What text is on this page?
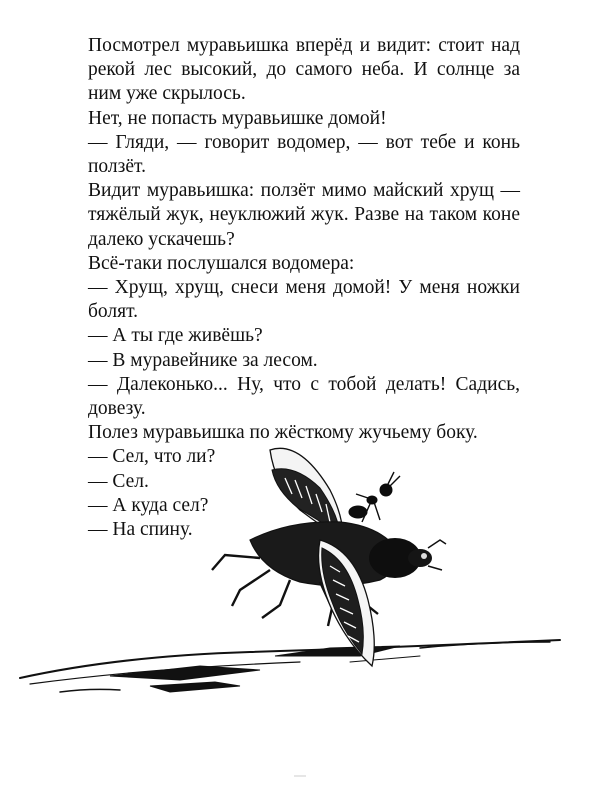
Посмотрел муравьишка вперёд и видит: стоит над рекой лес высокий, до самого неба. И солнце за ним уже скрылось.

Нет, не попасть муравьишке домой!

— Гляди, — говорит водомер, — вот тебе и конь ползёт.

Видит муравьишка: ползёт мимо майский хрущ — тяжёлый жук, неуклюжий жук. Разве на таком коне далеко ускачешь?

Всё-таки послушался водомера:

— Хрущ, хрущ, снеси меня домой! У меня ножки болят.

— А ты где живёшь?

— В муравейнике за лесом.

— Далеконько... Ну, что с тобой делать! Садись, довезу.

Полез муравьишка по жёсткому жучьему боку.

— Сел, что ли?

— Сел.

— А куда сел?

— На спину.
